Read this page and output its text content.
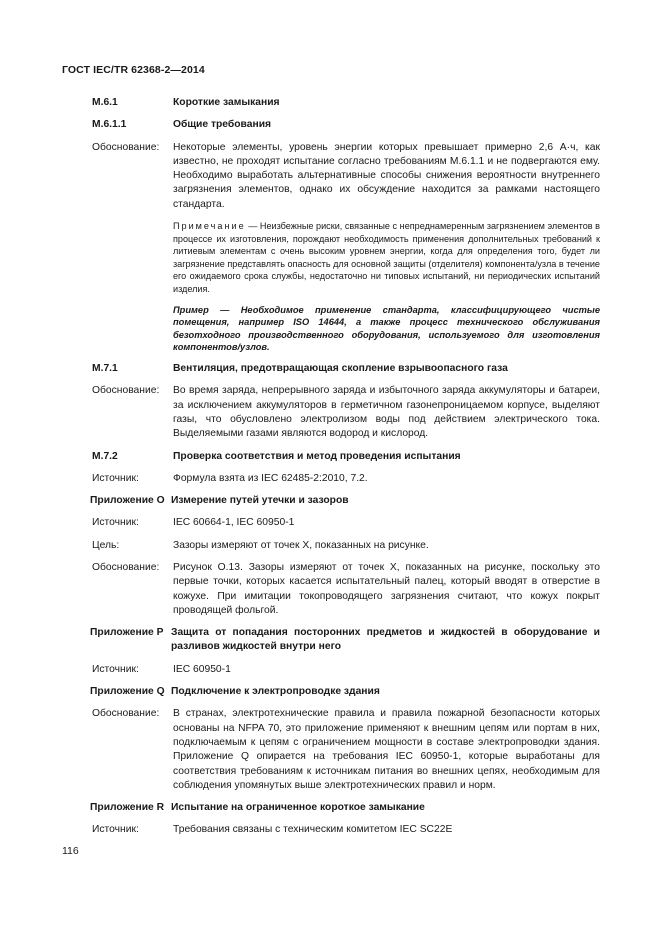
ГОСТ IEC/TR 62368-2—2014
М.6.1	Короткие замыкания
М.6.1.1	Общие требования
Обоснование:	Некоторые элементы, уровень энергии которых превышает примерно 2,6 А·ч, как известно, не проходят испытание согласно требованиям М.6.1.1 и не подвергаются ему. Необходимо выработать альтернативные способы снижения вероятности внутреннего загрязнения элементов, однако их обсуждение находится за рамками настоящего стандарта.
Примечание — Неизбежные риски, связанные с непреднамеренным загрязнением элементов в процессе их изготовления, порождают необходимость применения дополнительных требований к литиевым элементам с очень высоким уровнем энергии, когда для определения того, будет ли загрязнение представлять опасность для основной защиты (отделителя) компонента/узла в течение его ожидаемого срока службы, недостаточно ни типовых испытаний, ни периодических испытаний изделия.
Пример — Необходимое применение стандарта, классифицирующего чистые помещения, например ISO 14644, а также процесс технического обслуживания безотходного производственного оборудования, используемого для изготовления компонентов/узлов.
М.7.1	Вентиляция, предотвращающая скопление взрывоопасного газа
Обоснование:	Во время заряда, непрерывного заряда и избыточного заряда аккумуляторы и батареи, за исключением аккумуляторов в герметичном газонепроницаемом корпусе, выделяют газы, что обусловлено электролизом воды под действием электрического тока. Выделяемыми газами являются водород и кислород.
М.7.2	Проверка соответствия и метод проведения испытания
Источник:	Формула взята из IEC 62485-2:2010, 7.2.
Приложение О Измерение путей утечки и зазоров
Источник:	IEC 60664-1, IEC 60950-1
Цель:	Зазоры измеряют от точек X, показанных на рисунке.
Обоснование:	Рисунок О.13. Зазоры измеряют от точек X, показанных на рисунке, поскольку это первые точки, которых касается испытательный палец, который вводят в отверстие в кожухе. При имитации токопроводящего загрязнения считают, что кожух покрыт проводящей фольгой.
Приложение Р Защита от попадания посторонних предметов и жидкостей в оборудование и разливов жидкостей внутри него
Источник:	IEC 60950-1
Приложение Q Подключение к электропроводке здания
Обоснование:	В странах, электротехнические правила и правила пожарной безопасности которых основаны на NFPA 70, это приложение применяют к внешним цепям или портам в них, подключаемым к цепям с ограничением мощности в составе электропроводки здания. Приложение Q опирается на требования IEC 60950-1, которые выработаны для соответствия требованиям к источникам питания во внешних цепях, необходимым для соблюдения упомянутых выше электротехнических правил и норм.
Приложение R Испытание на ограниченное короткое замыкание
Источник:	Требования связаны с техническим комитетом IEC SC22E
116
